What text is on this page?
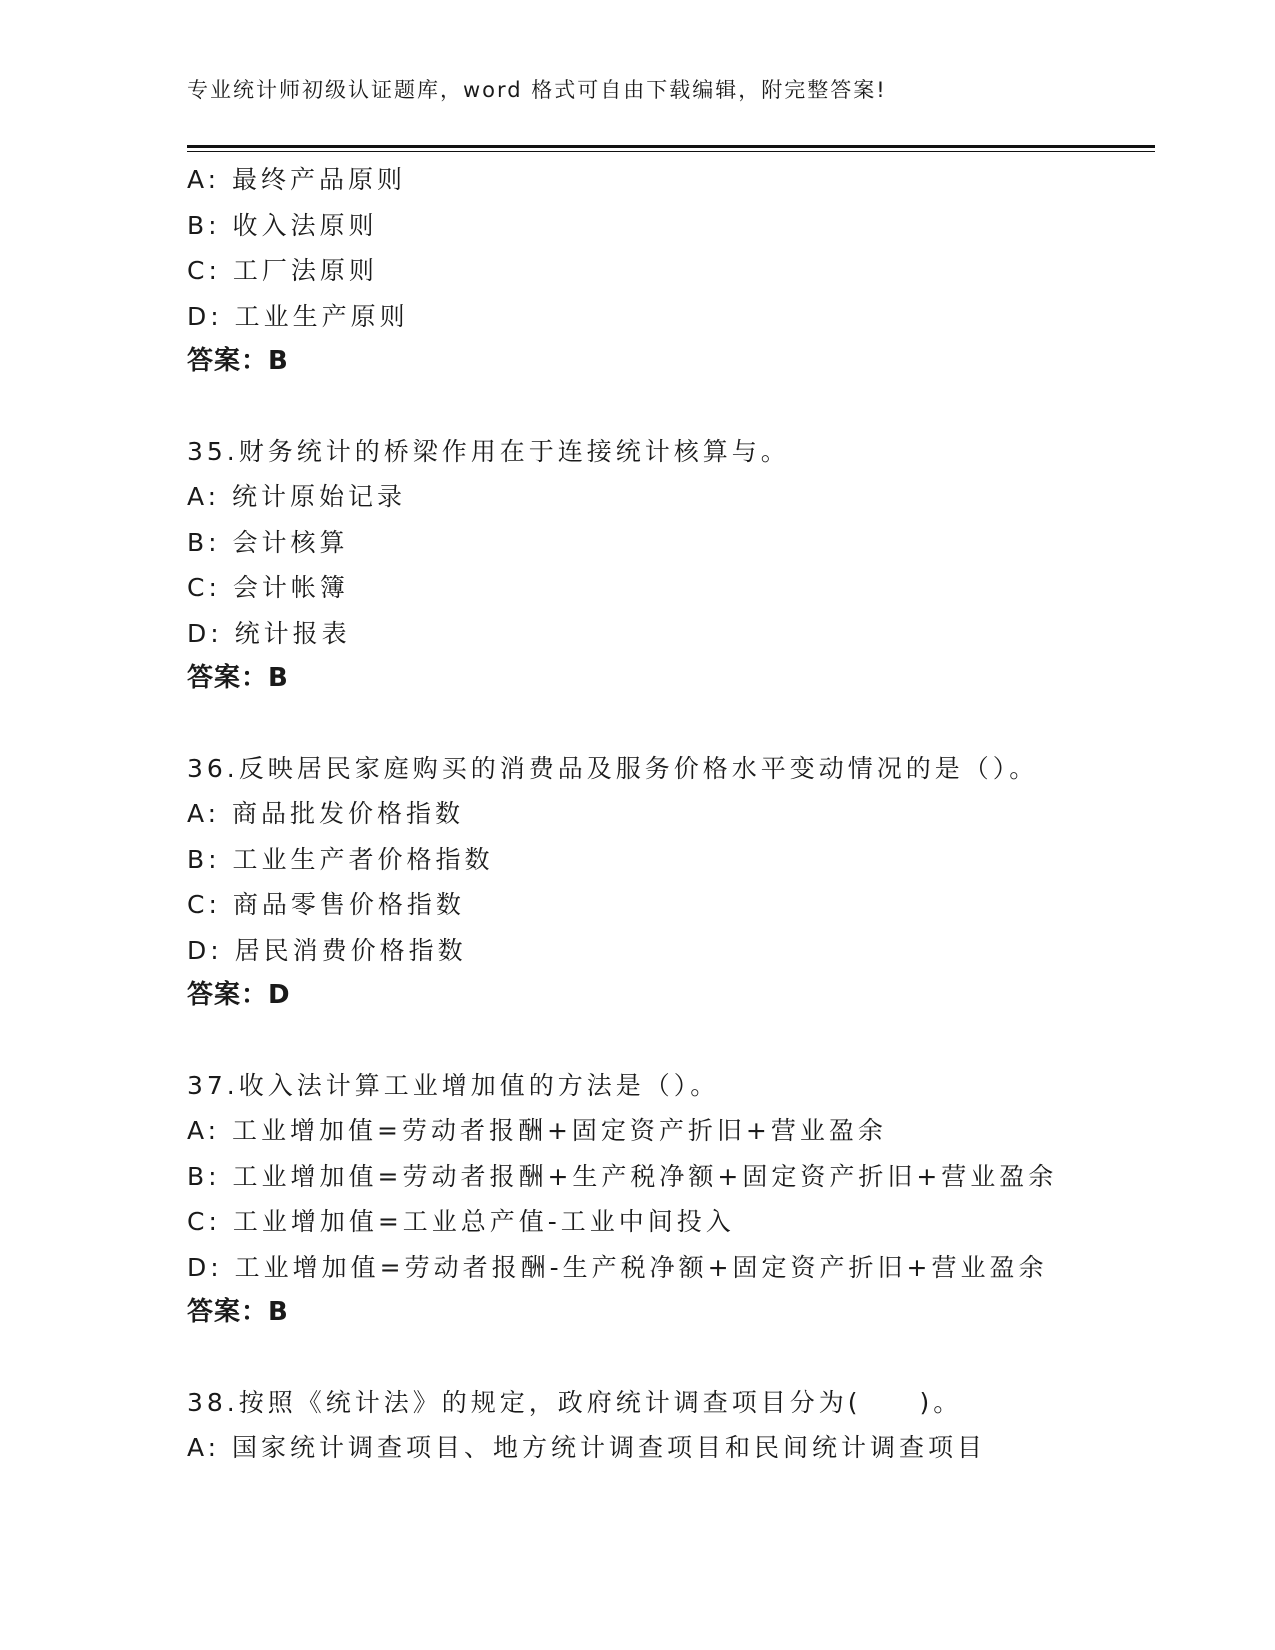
专业统计师初级认证题库，word 格式可自由下载编辑，附完整答案!
A: 最终产品原则
B: 收入法原则
C: 工厂法原则
D: 工业生产原则
答案：B
35.财务统计的桥梁作用在于连接统计核算与。
A: 统计原始记录
B: 会计核算
C: 会计帐簿
D: 统计报表
答案：B
36.反映居民家庭购买的消费品及服务价格水平变动情况的是（）。
A: 商品批发价格指数
B: 工业生产者价格指数
C: 商品零售价格指数
D: 居民消费价格指数
答案：D
37.收入法计算工业增加值的方法是（）。
A: 工业增加值=劳动者报酬+固定资产折旧+营业盈余
B: 工业增加值=劳动者报酬+生产税净额+固定资产折旧+营业盈余
C: 工业增加值=工业总产值-工业中间投入
D: 工业增加值=劳动者报酬-生产税净额+固定资产折旧+营业盈余
答案：B
38.按照《统计法》的规定，政府统计调查项目分为(　　)。
A: 国家统计调查项目、地方统计调查项目和民间统计调查项目
